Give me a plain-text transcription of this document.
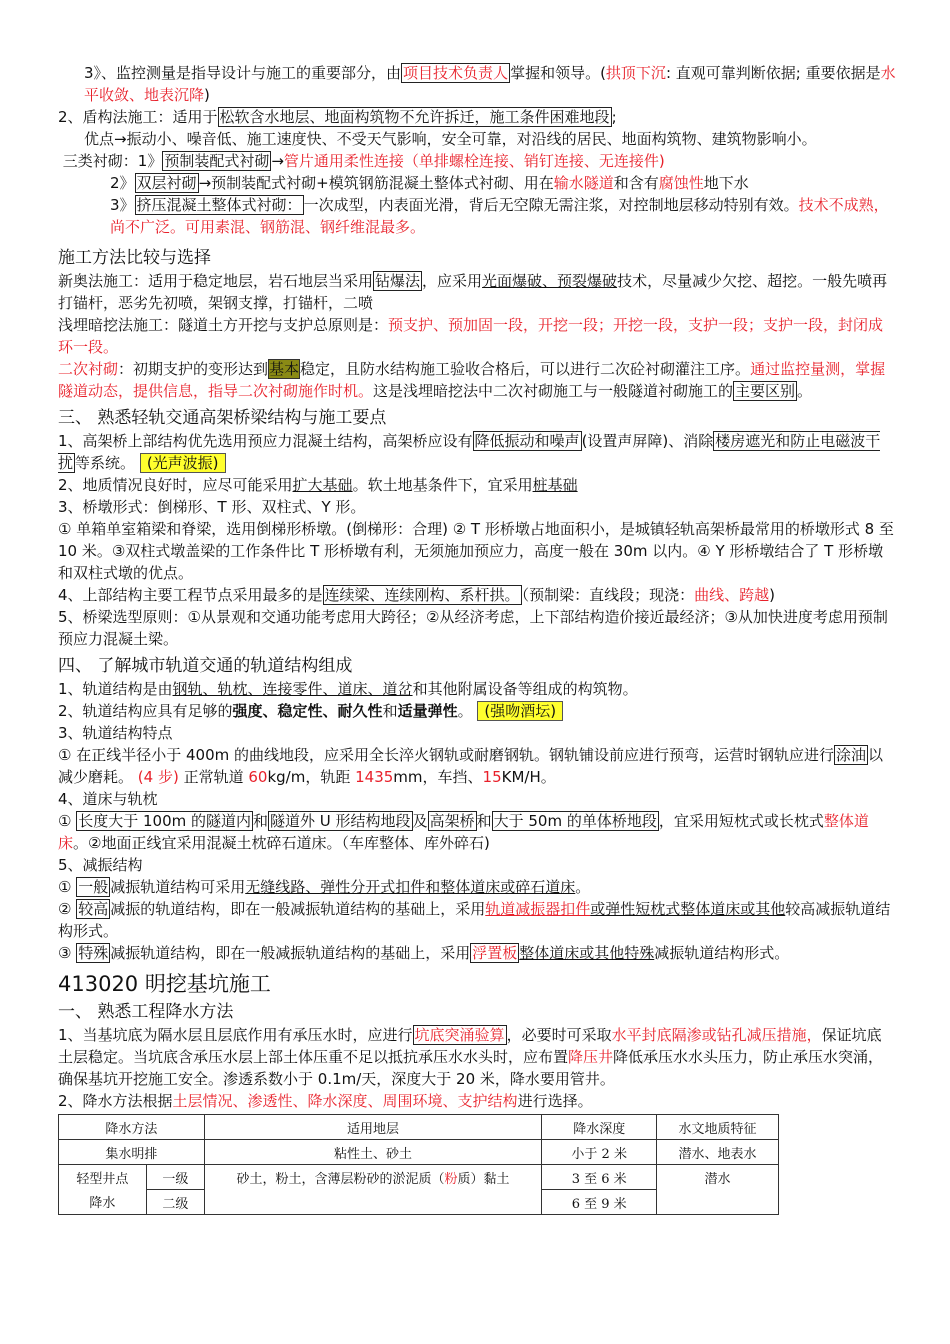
3》、监控测量是指导设计与施工的重要部分，由 项目技术负责人 掌握和领导。(拱顶下沉: 直观可靠判断依据; 重要依据是水平收敛、地表沉降)

2、盾构法施工：适用于 松软含水地层、地面构筑物不允许拆迁，施工条件困难地段 ;

优点→振动小、噪音低、施工速度快、不受天气影响，安全可靠，对沿线的居民、地面构筑物、建筑物影响小。

三类衬砌：1》 预制装配式衬砌 →管片通用柔性连接（单排螺栓连接、销钉连接、无连接件)

2》 双层衬砌 →预制装配式衬砌+模筑钢筋混凝土整体式衬砌、用在输水隧道和含有腐蚀性地下水

3》 挤压混凝土整体式衬砌： 一次成型，内表面光滑，背后无空隙无需注浆，对控制地层移动特别有效。技术不成熟，尚不广泛。可用素混、钢筋混、钢纤维混最多。

施工方法比较与选择

新奥法施工：适用于稳定地层，岩石地层当采用 钻爆法 ，应采用光面爆破、预裂爆破技术，尽量减少欠挖、超挖。一般先喷再打锚杆，恶劣先初喷，架钢支撑，打锚杆，二喷

浅埋暗挖法施工：隧道土方开挖与支护总原则是：预支护、预加固一段，开挖一段；开挖一段，支护一段；支护一段，封闭成环一段。

二次衬砌：初期支护的变形达到基本稳定，且防水结构施工验收合格后，可以进行二次砼衬砌灌注工序。通过监控量测，掌握隧道动态，提供信息，指导二次衬砌施作时机。这是浅埋暗挖法中二次衬砌施工与一般隧道衬砌施工的 主要区别 。

三、 熟悉轻轨交通高架桥梁结构与施工要点

1、高架桥上部结构优先选用预应力混凝土结构，高架桥应设有 降低振动和噪声 (设置声屏障)、消除 楼房遮光和防止电磁波干扰 等系统。 (光声波振)

2、地质情况良好时，应尽可能采用扩大基础。软土地基条件下，宜采用桩基础

3、桥墩形式：倒梯形、T 形、双柱式、Y 形。

① 单箱单室箱梁和脊梁，选用倒梯形桥墩。(倒梯形：合理) ② T 形桥墩占地面积小，是城镇轻轨高架桥最常用的桥墩形式 8 至 10 米。③双柱式墩盖梁的工作条件比 T 形桥墩有利，无须施加预应力，高度一般在 30m 以内。④ Y 形桥墩结合了 T 形桥墩和双柱式墩的优点。

4、上部结构主要工程节点采用最多的是 连续梁、连续刚构、系杆拱。 （预制梁：直线段；现浇：曲线、跨越)

5、桥梁选型原则：①从景观和交通功能考虑用大跨径；②从经济考虑，上下部结构造价接近最经济；③从加快进度考虑用预制预应力混凝土梁。

四、 了解城市轨道交通的轨道结构组成

1、轨道结构是由钢轨、轨枕、连接零件、道床、道岔和其他附属设备等组成的构筑物。

2、轨道结构应具有足够的强度、稳定性、耐久性和适量弹性。 (强吻酒坛)

3、轨道结构特点

① 在正线半径小于 400m 的曲线地段，应采用全长淬火钢轨或耐磨钢轨。钢轨铺设前应进行预弯，运营时钢轨应进行 涂油 以减少磨耗。 (4 步) 正常轨道 60kg/m，轨距 1435mm，车挡、15KM/H。

4、道床与轨枕

① 长度大于 100m 的隧道内 和 隧道外 U 形结构地段 及 高架桥 和 大于 50m 的单体桥地段 ，宜采用短枕式或长枕式整体道床。②地面正线宜采用混凝土枕碎石道床。（车库整体、库外碎石)

5、减振结构

① 一般 减振轨道结构可采用无缝线路、弹性分开式扣件和整体道床或碎石道床。

② 较高 减振的轨道结构，即在一般减振轨道结构的基础上，采用轨道减振器扣件或弹性短枕式整体道床或其他较高减振轨道结构形式。

③ 特殊 减振轨道结构，即在一般减振轨道结构的基础上，采用 浮置板 整体道床或其他特殊减振轨道结构形式。

413020 明挖基坑施工
一、 熟悉工程降水方法

1、当基坑底为隔水层且层底作用有承压水时，应进行 坑底突涌验算 ，必要时可采取水平封底隔渗或钻孔减压措施，保证坑底土层稳定。当坑底含承压水层上部土体压重不足以抵抗承压水水头时，应布置降压井降低承压水水头压力，防止承压水突涌，确保基坑开挖施工安全。渗透系数小于 0.1m/天，深度大于 20 米，降水要用管井。

2、降水方法根据土层情况、渗透性、降水深度、周围环境、支护结构进行选择。

降水方法		适用地层	降水深度	水文地质特征
集水明排		粘性土、砂土	小于 2 米	潜水、地表水
轻型井点	一级	砂土，粉土，含薄层粉砂的淤泥质（粉质）黏土	3 至 6 米	潜水
降水	二级		6 至 9 米	
